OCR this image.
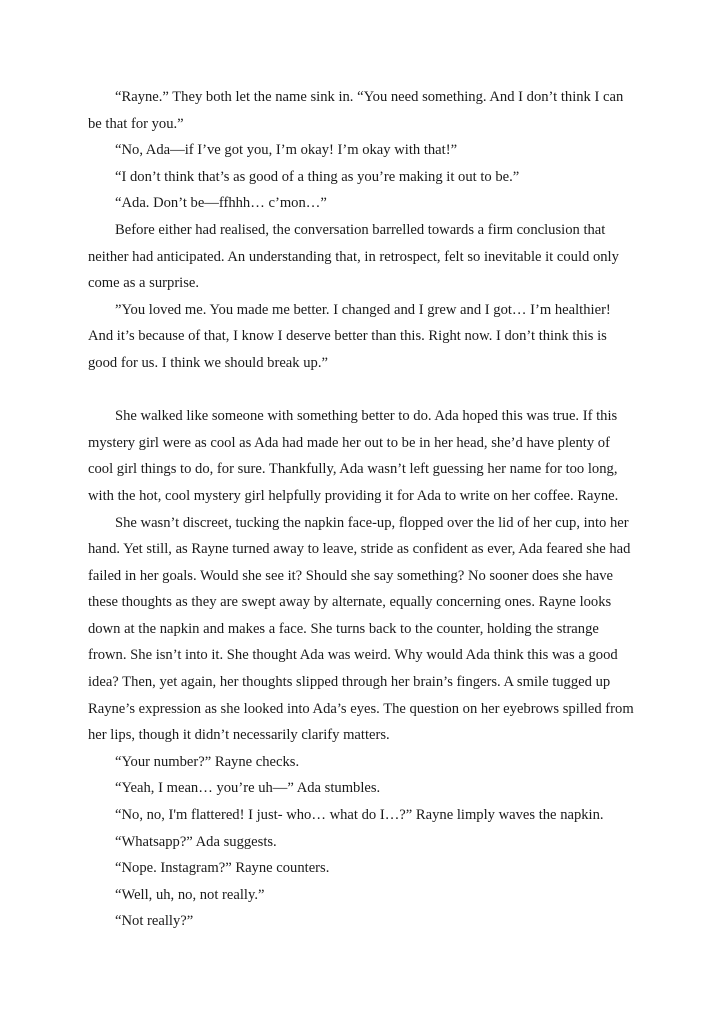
“Rayne.” They both let the name sink in. “You need something. And I don’t think I can

be that for you.”

“No, Ada—if I’ve got you, I’m okay! I’m okay with that!”

“I don’t think that’s as good of a thing as you’re making it out to be.”

“Ada. Don’t be—ffhhh… c’mon…”

Before either had realised, the conversation barrelled towards a firm conclusion that

neither had anticipated. An understanding that, in retrospect, felt so inevitable it could only

come as a surprise.

”You loved me. You made me better. I changed and I grew and I got… I’m healthier!

And it’s because of that, I know I deserve better than this. Right now. I don’t think this is

good for us. I think we should break up.”

She walked like someone with something better to do. Ada hoped this was true. If this

mystery girl were as cool as Ada had made her out to be in her head, she’d have plenty of

cool girl things to do, for sure. Thankfully, Ada wasn’t left guessing her name for too long,

with the hot, cool mystery girl helpfully providing it for Ada to write on her coffee. Rayne.

She wasn’t discreet, tucking the napkin face-up, flopped over the lid of her cup, into her

hand. Yet still, as Rayne turned away to leave, stride as confident as ever, Ada feared she had

failed in her goals. Would she see it? Should she say something? No sooner does she have

these thoughts as they are swept away by alternate, equally concerning ones. Rayne looks

down at the napkin and makes a face. She turns back to the counter, holding the strange

frown. She isn’t into it. She thought Ada was weird. Why would Ada think this was a good

idea? Then, yet again, her thoughts slipped through her brain’s fingers. A smile tugged up

Rayne’s expression as she looked into Ada’s eyes. The question on her eyebrows spilled from

her lips, though it didn’t necessarily clarify matters.

“Your number?” Rayne checks.

“Yeah, I mean… you’re uh—” Ada stumbles.

“No, no, I'm flattered! I just- who… what do I…?” Rayne limply waves the napkin.

“Whatsapp?” Ada suggests.

“Nope. Instagram?” Rayne counters.

“Well, uh, no, not really.”

“Not really?”
